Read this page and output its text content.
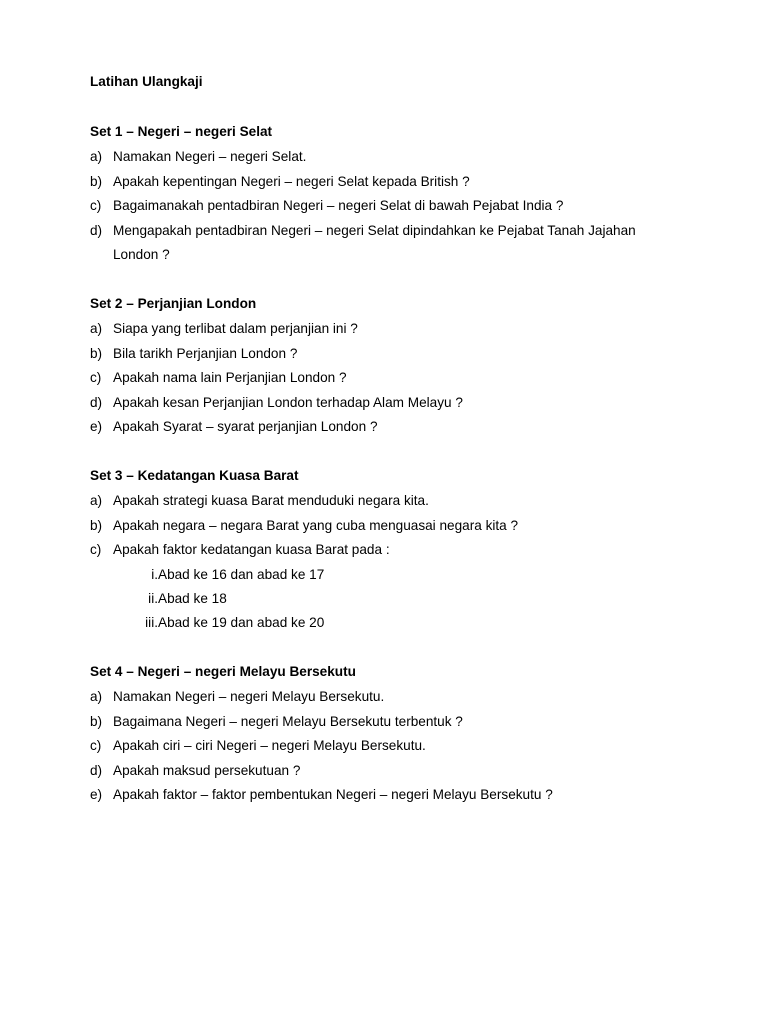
Latihan Ulangkaji
Set 1 – Negeri – negeri Selat
a) Namakan Negeri – negeri Selat.
b) Apakah kepentingan Negeri – negeri Selat kepada British ?
c) Bagaimanakah pentadbiran Negeri – negeri Selat di bawah Pejabat India ?
d) Mengapakah pentadbiran Negeri – negeri Selat dipindahkan ke Pejabat Tanah Jajahan London ?
Set 2 – Perjanjian London
a) Siapa yang terlibat dalam perjanjian ini ?
b) Bila tarikh Perjanjian London ?
c) Apakah nama lain Perjanjian London ?
d) Apakah kesan Perjanjian London terhadap Alam Melayu ?
e) Apakah Syarat – syarat perjanjian London ?
Set 3 – Kedatangan Kuasa Barat
a) Apakah strategi kuasa Barat menduduki negara kita.
b) Apakah negara – negara Barat yang cuba menguasai negara kita ?
c) Apakah faktor kedatangan kuasa Barat pada :
i. Abad ke 16 dan abad ke 17
ii. Abad ke 18
iii. Abad ke 19 dan abad ke 20
Set 4 – Negeri – negeri Melayu Bersekutu
a) Namakan Negeri – negeri Melayu Bersekutu.
b) Bagaimana Negeri – negeri Melayu Bersekutu terbentuk ?
c) Apakah ciri – ciri Negeri – negeri Melayu Bersekutu.
d) Apakah maksud persekutuan ?
e) Apakah faktor – faktor pembentukan Negeri – negeri Melayu Bersekutu ?
